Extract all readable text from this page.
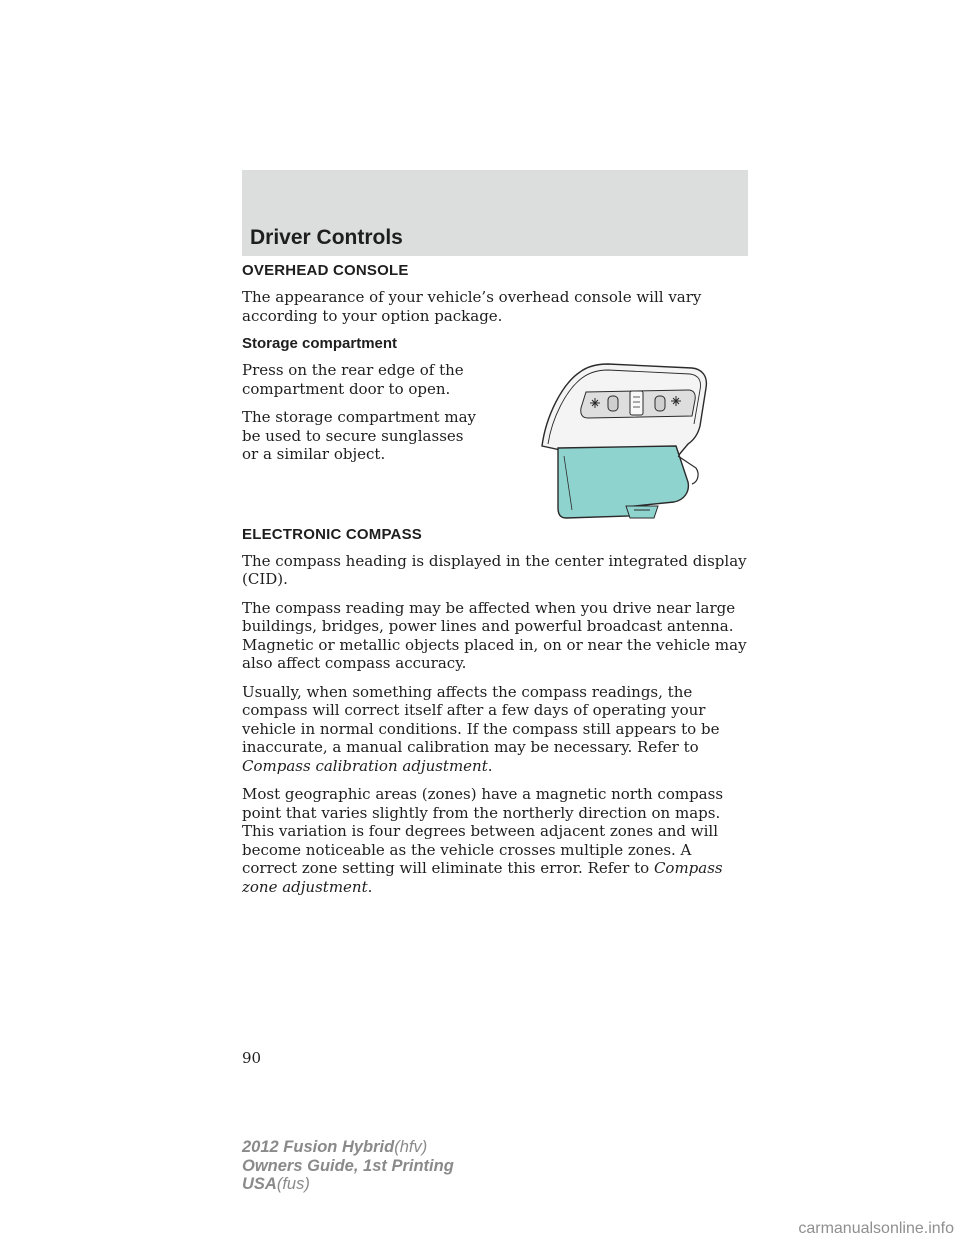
Driver Controls
OVERHEAD CONSOLE

The appearance of your vehicle’s overhead console will vary according to your option package.

Storage compartment

Press on the rear edge of the compartment door to open.

The storage compartment may be used to secure sunglasses or a similar object.

ELECTRONIC COMPASS

The compass heading is displayed in the center integrated display (CID).

The compass reading may be affected when you drive near large buildings, bridges, power lines and powerful broadcast antenna. Magnetic or metallic objects placed in, on or near the vehicle may also affect compass accuracy.

Usually, when something affects the compass readings, the compass will correct itself after a few days of operating your vehicle in normal conditions. If the compass still appears to be inaccurate, a manual calibration may be necessary. Refer to Compass calibration adjustment.

Most geographic areas (zones) have a magnetic north compass point that varies slightly from the northerly direction on maps. This variation is four degrees between adjacent zones and will become noticeable as the vehicle crosses multiple zones. A correct zone setting will eliminate this error. Refer to Compass zone adjustment.

90

2012 Fusion Hybrid(hfv)
Owners Guide, 1st Printing
USA(fus)
carmanualsonline.info
